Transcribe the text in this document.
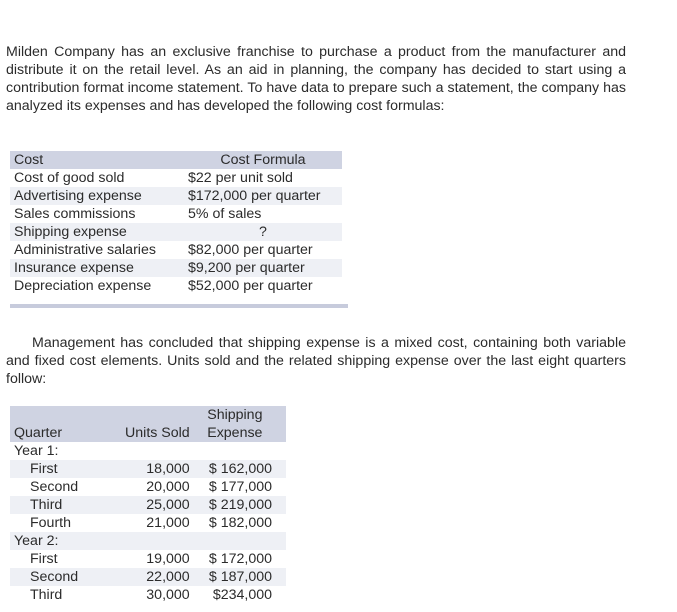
Milden Company has an exclusive franchise to purchase a product from the manufacturer and distribute it on the retail level. As an aid in planning, the company has decided to start using a contribution format income statement. To have data to prepare such a statement, the company has analyzed its expenses and has developed the following cost formulas:

Cost	Cost Formula
Cost of good sold	$22 per unit sold
Advertising expense	$172,000 per quarter
Sales commissions	5% of sales
Shipping expense	?
Administrative salaries	$82,000 per quarter
Insurance expense	$9,200 per quarter
Depreciation expense	$52,000 per quarter

Management has concluded that shipping expense is a mixed cost, containing both variable and fixed cost elements. Units sold and the related shipping expense over the last eight quarters follow:

		Shipping
Quarter	Units Sold	Expense
Year 1:		
First	18,000	$ 162,000
Second	20,000	$ 177,000
Third	25,000	$ 219,000
Fourth	21,000	$ 182,000
Year 2:		
First	19,000	$ 172,000
Second	22,000	$ 187,000
Third	30,000	$234,000
